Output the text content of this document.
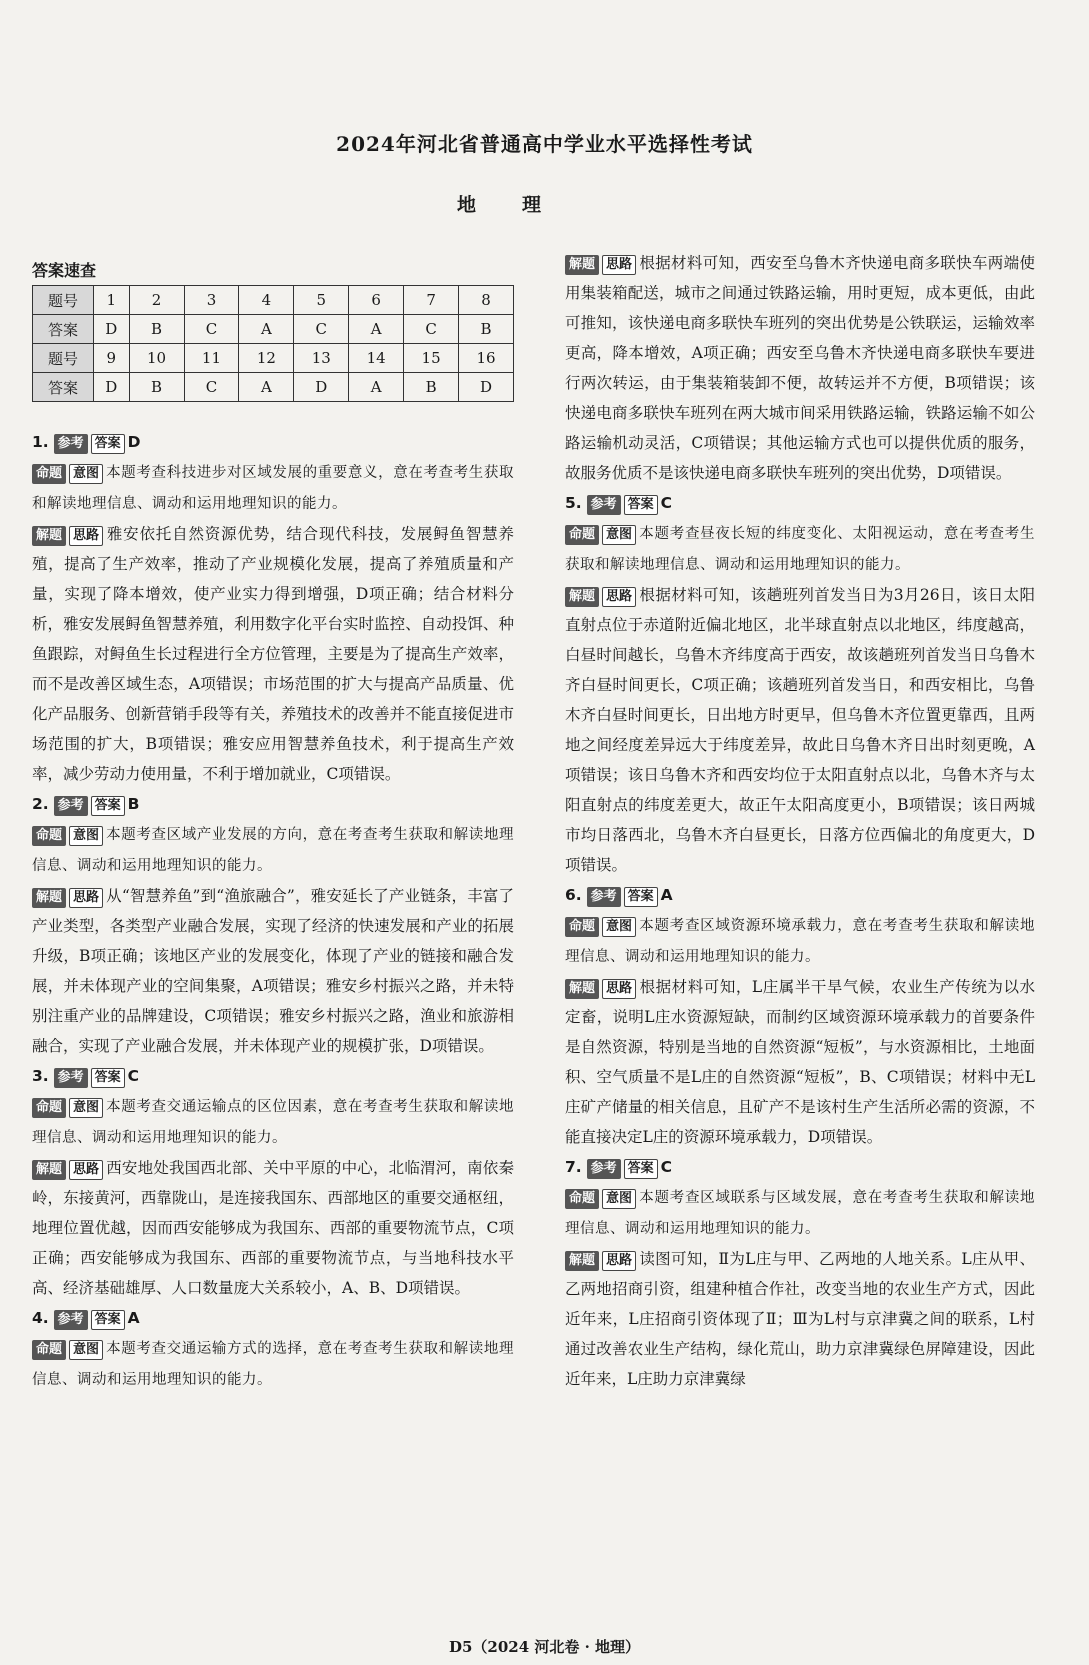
2024年河北省普通高中学业水平选择性考试
地 理
答案速查
题号	1	2	3	4	5	6	7	8
答案	D	B	C	A	C	A	C	B
题号	9	10	11	12	13	14	15	16
答案	D	B	C	A	D	A	B	D

1. 参考 答案 D

命题 意图 本题考查科技进步对区域发展的重要意义，意在考查考生获取和解读地理信息、调动和运用地理知识的能力。

解题 思路 雅安依托自然资源优势，结合现代科技，发展鲟鱼智慧养殖，提高了生产效率，推动了产业规模化发展，提高了养殖质量和产量，实现了降本增效，使产业实力得到增强，D项正确；结合材料分析，雅安发展鲟鱼智慧养殖，利用数字化平台实时监控、自动投饵、种鱼跟踪，对鲟鱼生长过程进行全方位管理，主要是为了提高生产效率，而不是改善区域生态，A项错误；市场范围的扩大与提高产品质量、优化产品服务、创新营销手段等有关，养殖技术的改善并不能直接促进市场范围的扩大，B项错误；雅安应用智慧养鱼技术，利于提高生产效率，减少劳动力使用量，不利于增加就业，C项错误。

2. 参考 答案 B

命题 意图 本题考查区域产业发展的方向，意在考查考生获取和解读地理信息、调动和运用地理知识的能力。

解题 思路 从“智慧养鱼”到“渔旅融合”，雅安延长了产业链条，丰富了产业类型，各类型产业融合发展，实现了经济的快速发展和产业的拓展升级，B项正确；该地区产业的发展变化，体现了产业的链接和融合发展，并未体现产业的空间集聚，A项错误；雅安乡村振兴之路，并未特别注重产业的品牌建设，C项错误；雅安乡村振兴之路，渔业和旅游相融合，实现了产业融合发展，并未体现产业的规模扩张，D项错误。

3. 参考 答案 C

命题 意图 本题考查交通运输点的区位因素，意在考查考生获取和解读地理信息、调动和运用地理知识的能力。

解题 思路 西安地处我国西北部、关中平原的中心，北临渭河，南依秦岭，东接黄河，西靠陇山，是连接我国东、西部地区的重要交通枢纽，地理位置优越，因而西安能够成为我国东、西部的重要物流节点，C项正确；西安能够成为我国东、西部的重要物流节点，与当地科技水平高、经济基础雄厚、人口数量庞大关系较小，A、B、D项错误。

4. 参考 答案 A

命题 意图 本题考查交通运输方式的选择，意在考查考生获取和解读地理信息、调动和运用地理知识的能力。

解题 思路 根据材料可知，西安至乌鲁木齐快递电商多联快车两端使用集装箱配送，城市之间通过铁路运输，用时更短，成本更低，由此可推知，该快递电商多联快车班列的突出优势是公铁联运，运输效率更高，降本增效，A项正确；西安至乌鲁木齐快递电商多联快车要进行两次转运，由于集装箱装卸不便，故转运并不方便，B项错误；该快递电商多联快车班列在两大城市间采用铁路运输，铁路运输不如公路运输机动灵活，C项错误；其他运输方式也可以提供优质的服务，故服务优质不是该快递电商多联快车班列的突出优势，D项错误。

5. 参考 答案 C

命题 意图 本题考查昼夜长短的纬度变化、太阳视运动，意在考查考生获取和解读地理信息、调动和运用地理知识的能力。

解题 思路 根据材料可知，该趟班列首发当日为3月26日，该日太阳直射点位于赤道附近偏北地区，北半球直射点以北地区，纬度越高，白昼时间越长，乌鲁木齐纬度高于西安，故该趟班列首发当日乌鲁木齐白昼时间更长，C项正确；该趟班列首发当日，和西安相比，乌鲁木齐白昼时间更长，日出地方时更早，但乌鲁木齐位置更靠西，且两地之间经度差异远大于纬度差异，故此日乌鲁木齐日出时刻更晚，A项错误；该日乌鲁木齐和西安均位于太阳直射点以北，乌鲁木齐与太阳直射点的纬度差更大，故正午太阳高度更小，B项错误；该日两城市均日落西北，乌鲁木齐白昼更长，日落方位西偏北的角度更大，D项错误。

6. 参考 答案 A

命题 意图 本题考查区域资源环境承载力，意在考查考生获取和解读地理信息、调动和运用地理知识的能力。

解题 思路 根据材料可知，L庄属半干旱气候，农业生产传统为以水定畜，说明L庄水资源短缺，而制约区域资源环境承载力的首要条件是自然资源，特别是当地的自然资源“短板”，与水资源相比，土地面积、空气质量不是L庄的自然资源“短板”，B、C项错误；材料中无L庄矿产储量的相关信息，且矿产不是该村生产生活所必需的资源，不能直接决定L庄的资源环境承载力，D项错误。

7. 参考 答案 C

命题 意图 本题考查区域联系与区域发展，意在考查考生获取和解读地理信息、调动和运用地理知识的能力。

解题 思路 读图可知，Ⅱ为L庄与甲、乙两地的人地关系。L庄从甲、乙两地招商引资，组建种植合作社，改变当地的农业生产方式，因此近年来，L庄招商引资体现了Ⅱ；Ⅲ为L村与京津冀之间的联系，L村通过改善农业生产结构，绿化荒山，助力京津冀绿色屏障建设，因此近年来，L庄助力京津冀绿

D5（2024 河北卷 · 地理）
